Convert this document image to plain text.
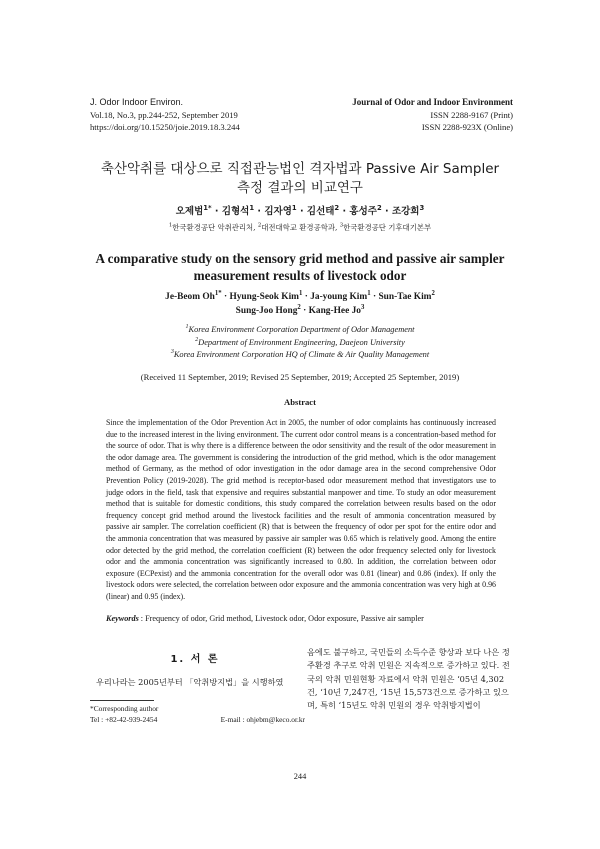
J. Odor Indoor Environ.
Vol.18, No.3, pp.244-252, September 2019
https://doi.org/10.15250/joie.2019.18.3.244
Journal of Odor and Indoor Environment
ISSN 2288-9167 (Print)
ISSN 2288-923X (Online)
축산악취를 대상으로 직접관능법인 격자법과 Passive Air Sampler
측정 결과의 비교연구
오제범$^{1*}$ · 김형석$^1$ · 김자영$^1$ · 김선태$^2$ · 홍성주$^2$ · 조강희$^3$
$^1$한국환경공단 악취관리처, $^2$대전대학교 환경공학과, $^3$한국환경공단 기후대기본부
A comparative study on the sensory grid method and passive air sampler
measurement results of livestock odor
Je-Beom $Oh^{1*}$ · Hyung-Seok Kim$^1$ · Ja-young Kim$^1$ · Sun-Tae Kim$^2$
Sung-Joo Hong$^2$ · Kang-Hee Jo$^3$
$^1$Korea Environment Corporation Department of Odor Management
$^2$Department of Environment Engineering, Daejeon University
$^3$Korea Environment Corporation HQ of Climate & Air Quality Management
(Received 11 September, 2019; Revised 25 September, 2019; Accepted 25 September, 2019)
Abstract
Since the implementation of the Odor Prevention Act in 2005, the number of odor complaints has continuously increased due to the increased interest in the living environment. The current odor control means is a concentration-based method for the source of odor. That is why there is a difference between the odor sensitivity and the result of the odor measurement in the odor damage area. The government is considering the introduction of the grid method, which is the odor management method of Germany, as the method of odor investigation in the odor damage area in the second comprehensive Odor Prevention Policy (2019-2028). The grid method is receptor-based odor measurement method that investigators use to judge odors in the field, task that expensive and requires substantial manpower and time. To study an odor measurement method that is suitable for domestic conditions, this study compared the correlation between results based on the odor frequency concept grid method around the livestock facilities and the result of ammonia concentration measured by passive air sampler. The correlation coefficient (R) that is between the frequency of odor per spot for the entire odor and the ammonia concentration that was measured by passive air sampler was 0.65 which is relatively good. Among the entire odor detected by the grid method, the correlation coefficient (R) between the odor frequency selected only for livestock odor and the ammonia concentration was significantly increased to 0.80. In addition, the correlation between odor exposure (ECPexist) and the ammonia concentration for the overall odor was 0.81 (linear) and 0.86 (index). If only the livestock odors were selected, the correlation between odor exposure and the ammonia concentration was very high at 0.96 (linear) and 0.95 (index).
Keywords : Frequency of odor, Grid method, Livestock odor, Odor exposure, Passive air sampler
1. 서 론
우리나라는 2005년부터 「악취방지법」을 시행하였
*Corresponding author
Tel : +82-42-939-2454	E-mail : ohjebm@keco.or.kr
음에도 불구하고, 국민들의 소득수준 향상과 보다 나은 정주환경 추구로 악취 민원은 지속적으로 증가하고 있다. 전국의 악취 민원현황 자료에서 악취 민원은 ‘05년 4,302건, ‘10년 7,247건, ‘15년 15,573건으로 증가하고 있으며, 특히 ‘15년도 악취 민원의 경우 악취방지법이
244
